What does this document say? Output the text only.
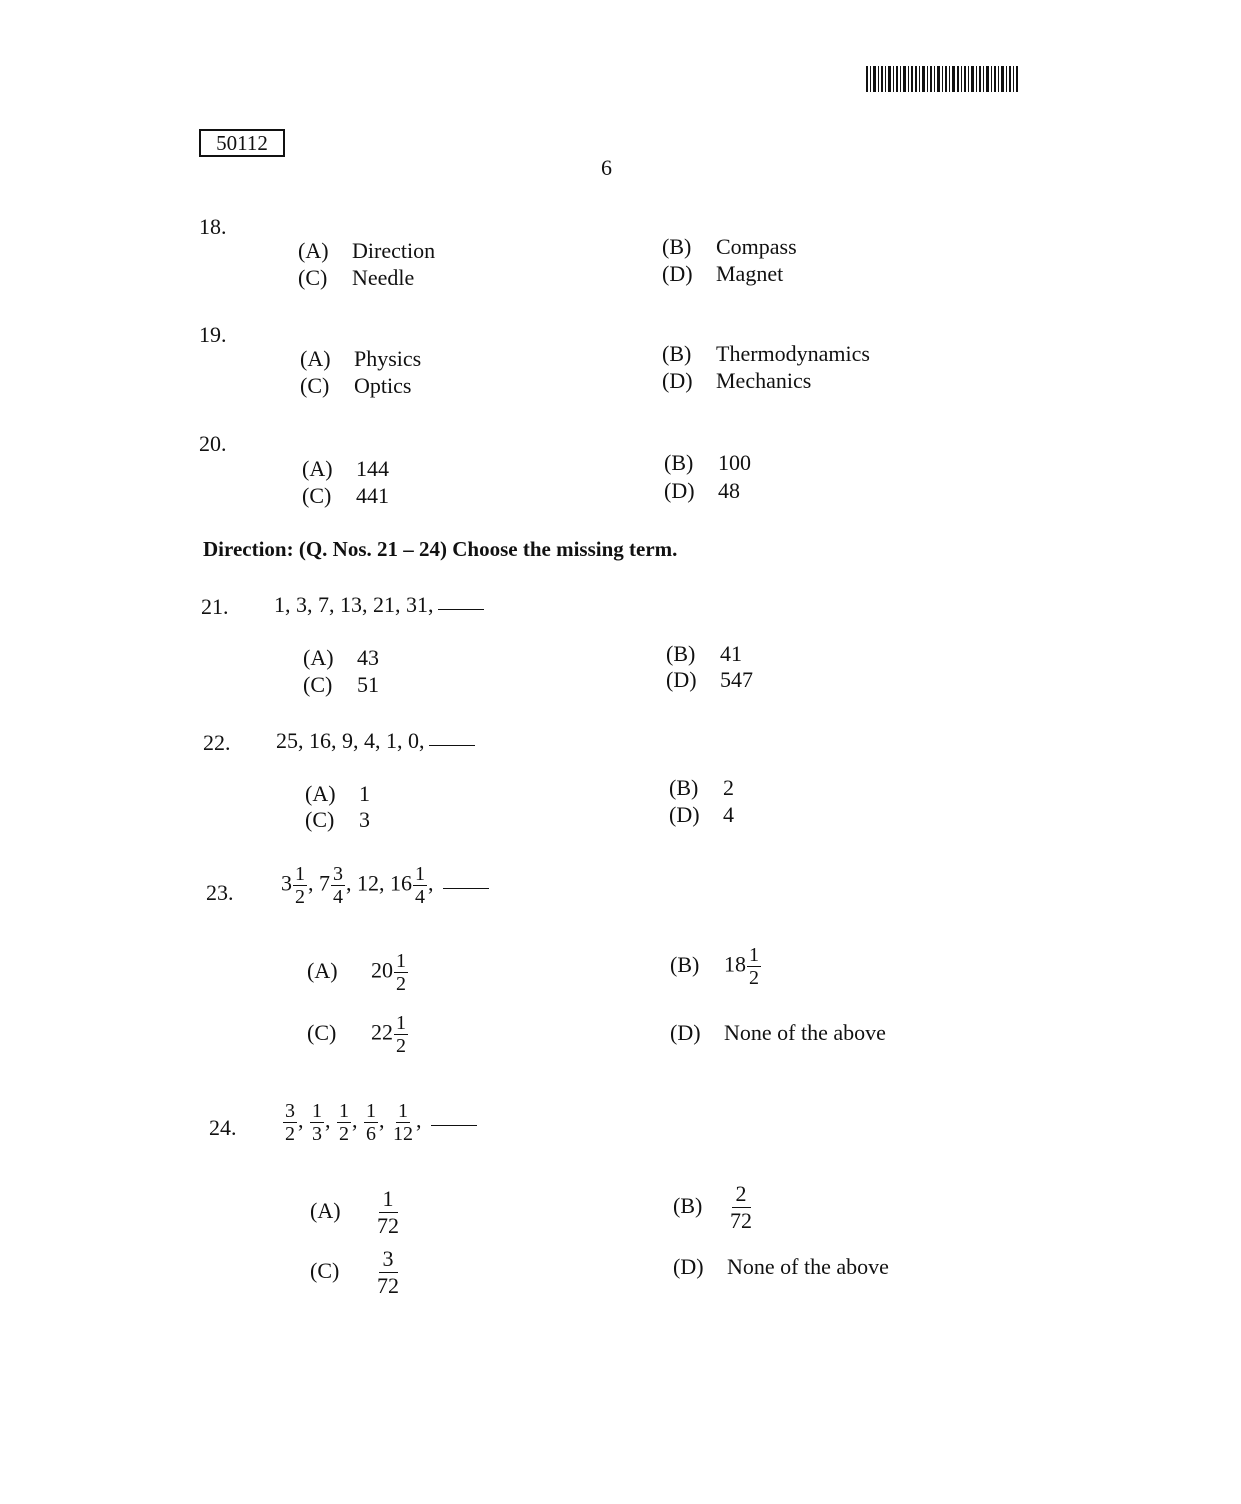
50112
6
18.
(A) Direction
(C) Needle
(B) Compass
(D) Magnet
19.
(A) Physics
(C) Optics
(B) Thermodynamics
(D) Mechanics
20.
(A) 144
(C) 441
(B) 100
(D) 48
Direction: (Q. Nos. 21 – 24) Choose the missing term.
21. 1, 3, 7, 13, 21, 31,
(A) 43
(C) 51
(B) 41
(D) 547
22. 25, 16, 9, 4, 1, 0,
(A) 1
(C) 3
(B) 2
(D) 4
23. $3 \frac{1}{2}$ , $7 \frac{3}{4}$ , 12, $16 \frac{1}{4}$ ,
(A) $20 \frac{1}{2}$
(C) $22 \frac{1}{2}$
(B) $18 \frac{1}{2}$
(D) None of the above
24. $\frac{3}{2}$ , $\frac{1}{3}$ , $\frac{1}{2}$ , $\frac{1}{6}$ , $\frac{1}{12}$ ,
$(A) \frac{1}{72}$
$(C) \frac{3}{72}$
$(B) \frac{2}{72}$
(D) None of the above
